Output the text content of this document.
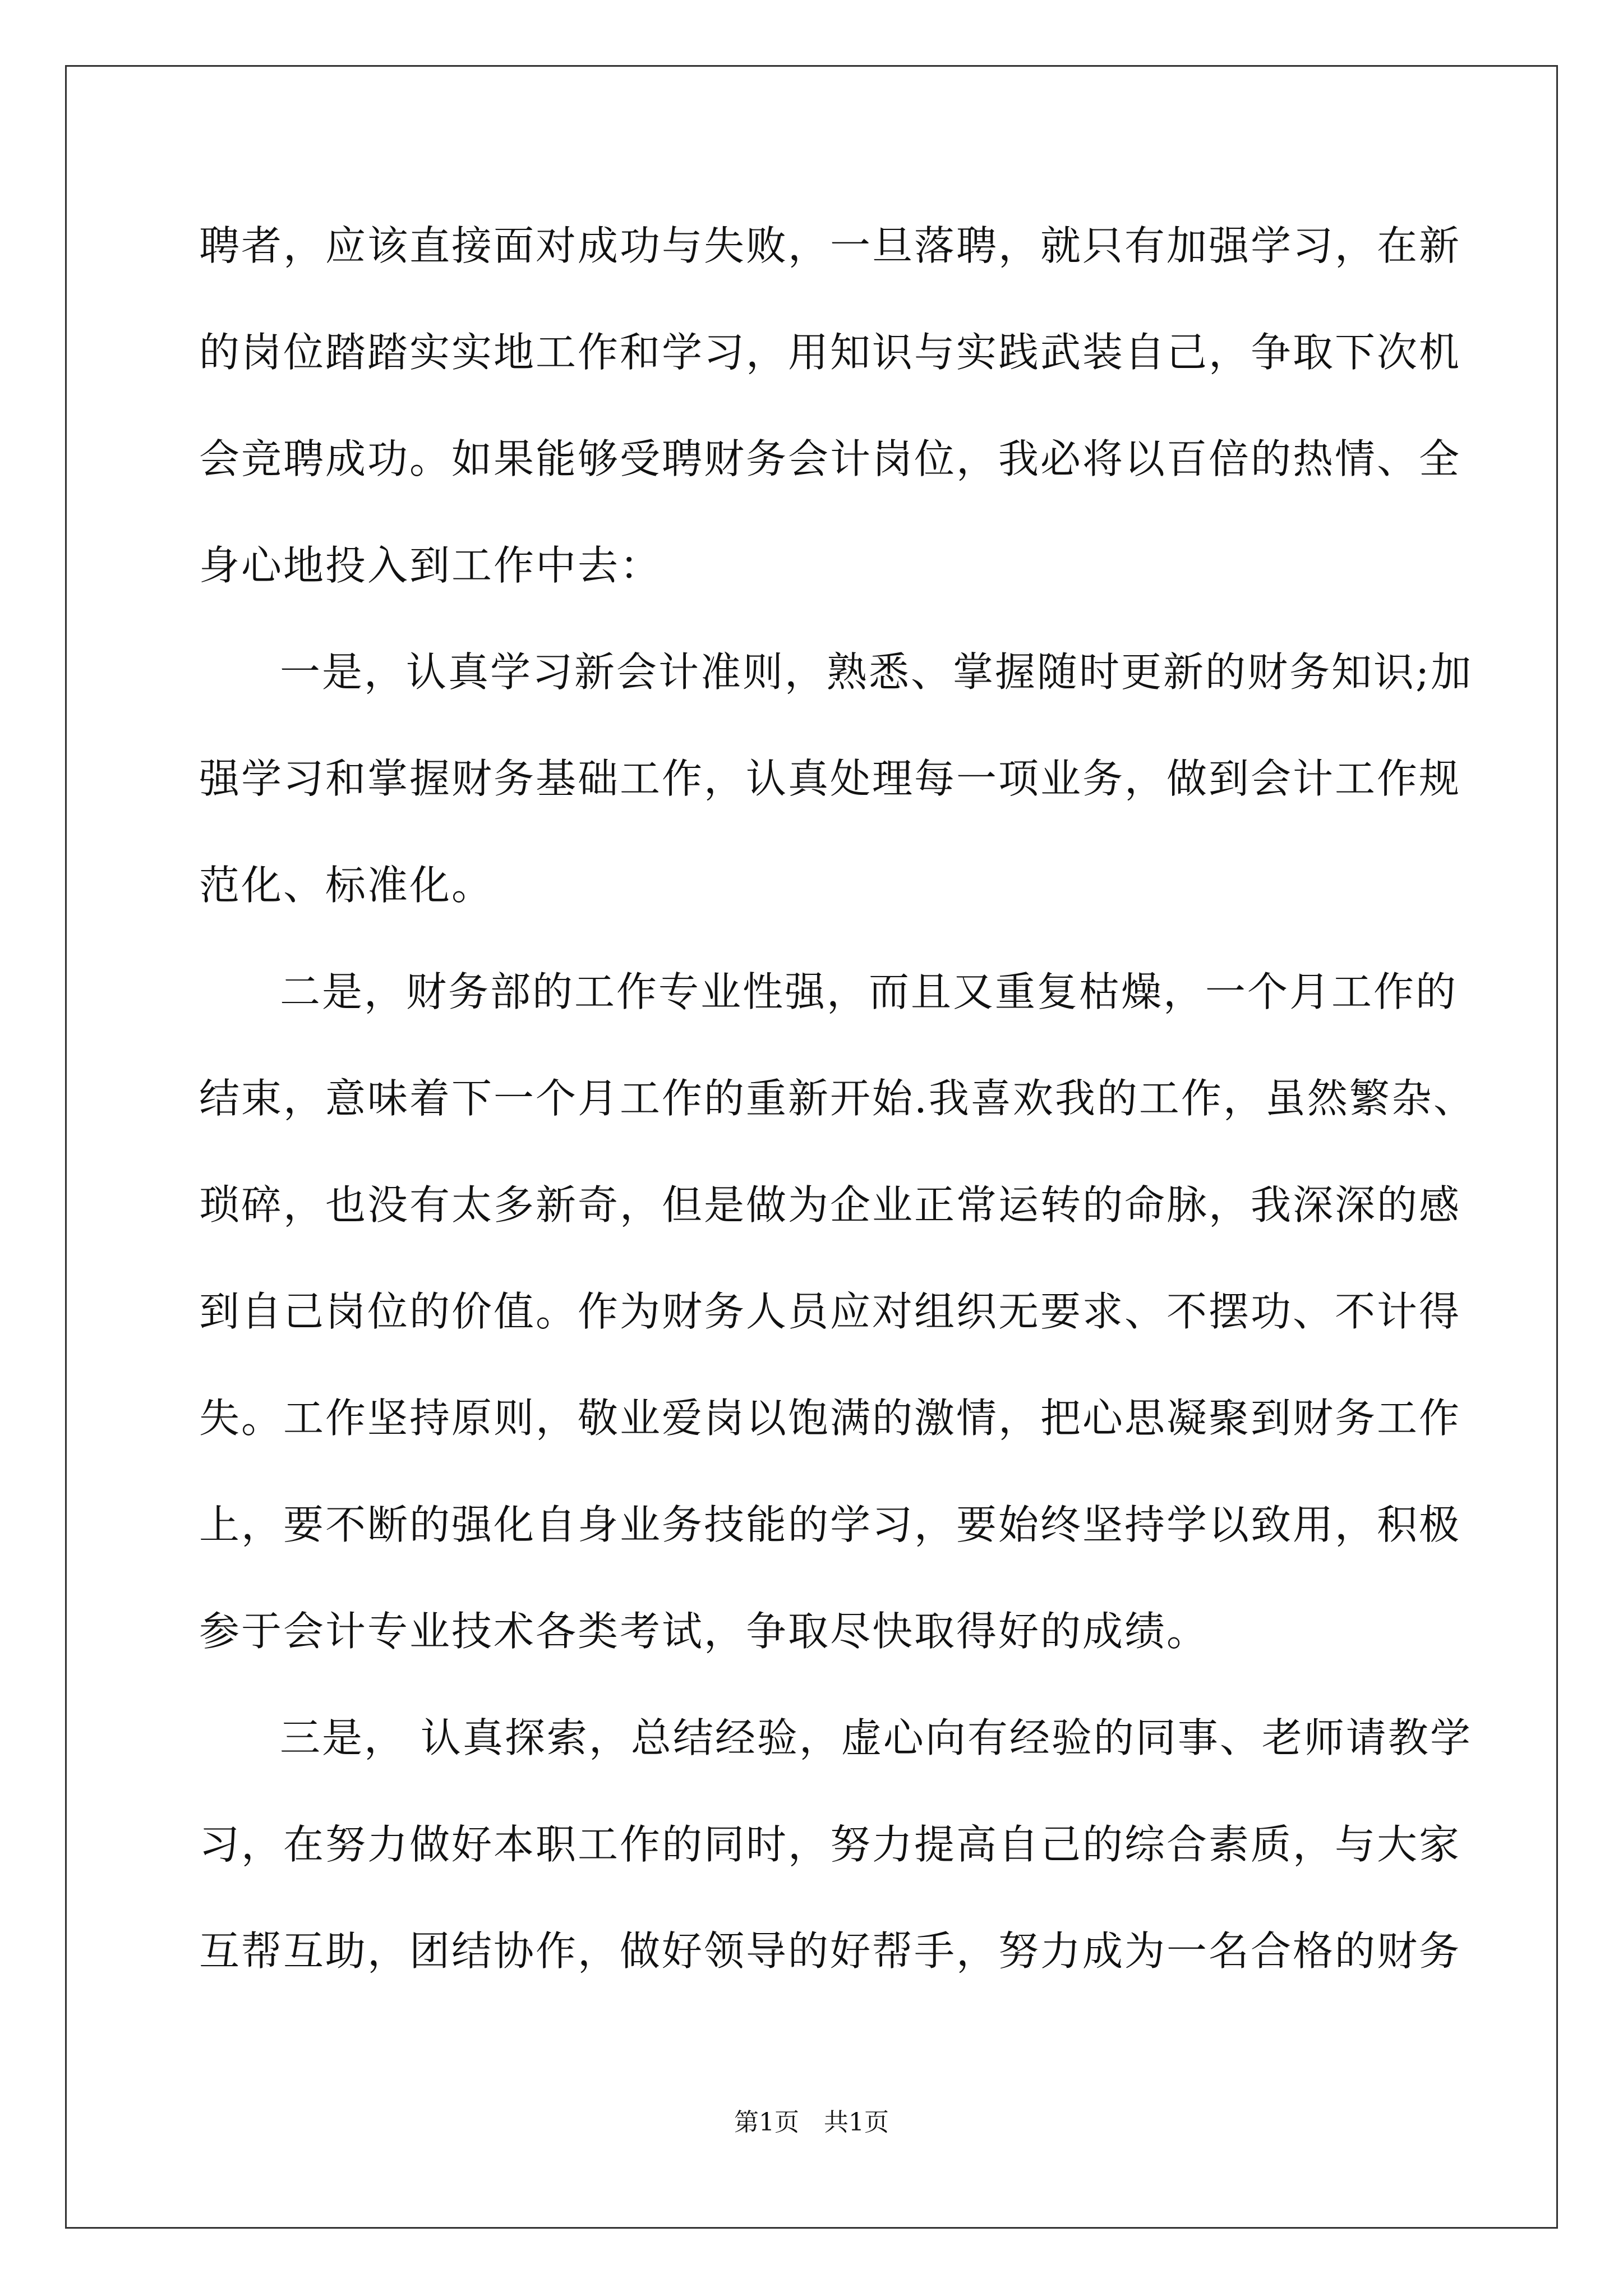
聘者，应该直接面对成功与失败，一旦落聘，就只有加强学习，在新
的岗位踏踏实实地工作和学习，用知识与实践武装自己，争取下次机
会竞聘成功。如果能够受聘财务会计岗位，我必将以百倍的热情、全
身心地投入到工作中去：
一是，认真学习新会计准则，熟悉、掌握随时更新的财务知识;加
强学习和掌握财务基础工作，认真处理每一项业务，做到会计工作规
范化、标准化。
二是，财务部的工作专业性强，而且又重复枯燥，一个月工作的
结束，意味着下一个月工作的重新开始.我喜欢我的工作，虽然繁杂、
琐碎，也没有太多新奇，但是做为企业正常运转的命脉，我深深的感
到自己岗位的价值。作为财务人员应对组织无要求、不摆功、不计得
失。工作坚持原则，敬业爱岗以饱满的激情，把心思凝聚到财务工作
上，要不断的强化自身业务技能的学习，要始终坚持学以致用，积极
参于会计专业技术各类考试，争取尽快取得好的成绩。
三是， 认真探索，总结经验，虚心向有经验的同事、老师请教学
习，在努力做好本职工作的同时，努力提高自己的综合素质，与大家
互帮互助，团结协作，做好领导的好帮手，努力成为一名合格的财务
第1页　共1页
